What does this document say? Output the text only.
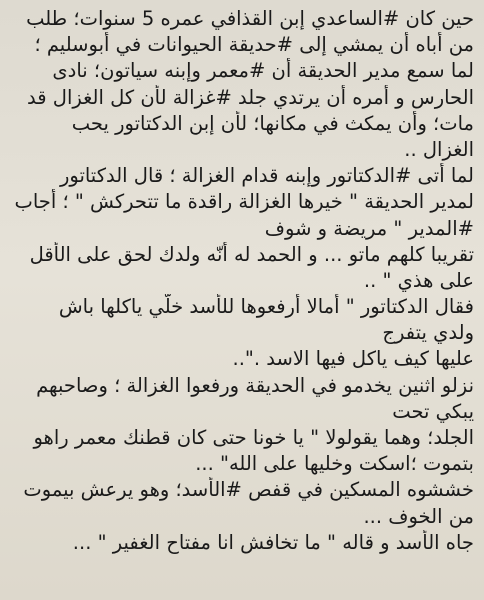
حين كان #الساعدي إبن القذافي عمره 5 سنوات؛ طلب
من أباه أن يمشي إلى #حديقة الحيوانات في أبوسليم ؛
لما سمع مدير الحديقة أن #معمر وإبنه سياتون؛ نادى
الحارس و أمره أن يرتدي جلد #غزالة لأن كل الغزال قد
مات؛ وأن يمكث في مكانها؛ لأن إبن الدكتاتور يحب
الغزال ..
لما أتى #الدكتاتور وإبنه قدام الغزالة ؛ قال الدكتاتور
لمدير الحديقة " خيرها الغزالة راقدة ما تتحركش " ؛ أجاب
#المدير " مريضة و شوف
تقريبا كلهم ماتو ... و الحمد له أنّه ولدك لحق على الأقل
على هذي " ..
فقال الدكتاتور " أمالا أرفعوها للأسد خلّي ياكلها باش
ولدي يتفرج
عليها كيف ياكل فيها الاسد ."..
نزلو اثنين يخدمو في الحديقة ورفعوا الغزالة ؛ وصاحبهم
يبكي تحت
الجلد؛ وهما يقولولا " يا خونا حتى كان قطنك معمر راهو
بتموت ؛اسكت وخليها على الله" ...
خششوه المسكين في قفص #الأسد؛ وهو يرعش بيموت
من الخوف ...
جاه الأسد و قاله " ما تخافش انا مفتاح الغفير " ...
